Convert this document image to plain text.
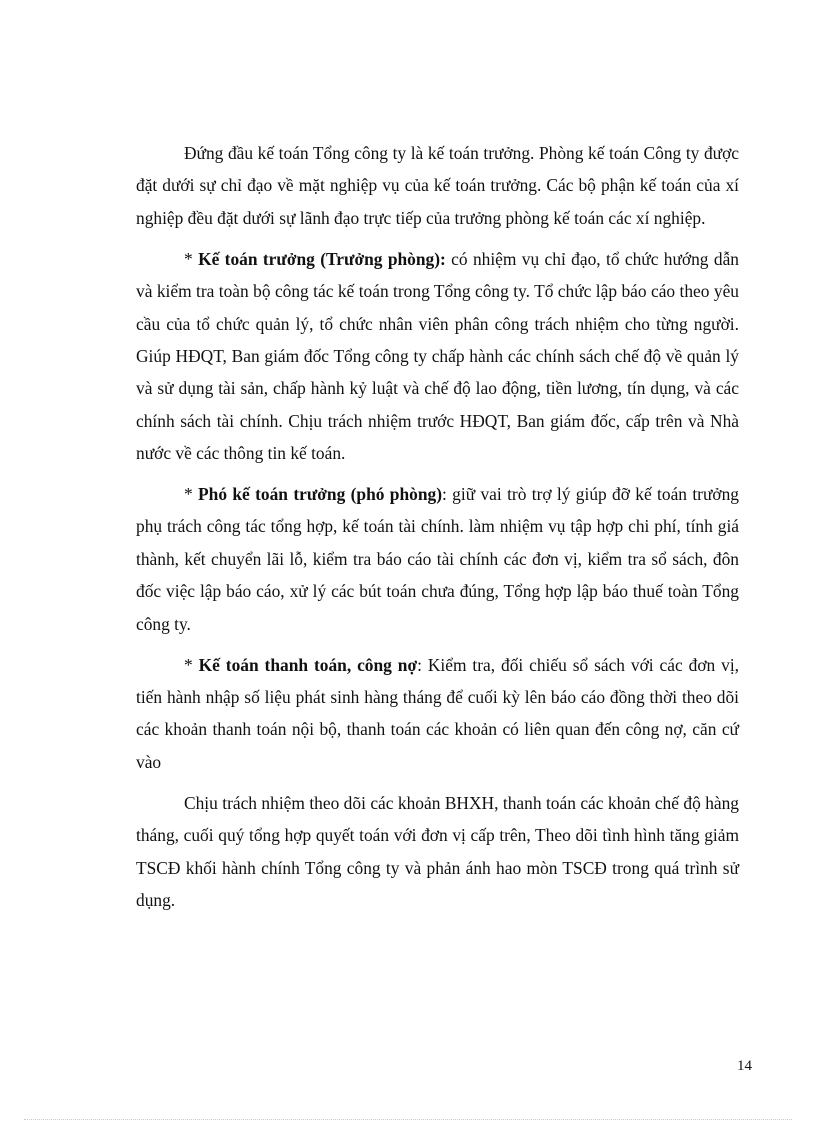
Đứng đầu kế toán Tổng công ty là kế toán trưởng. Phòng kế toán Công ty được đặt dưới sự chỉ đạo về mặt nghiệp vụ của kế toán trưởng. Các bộ phận kế toán của xí nghiệp đều đặt dưới sự lãnh đạo trực tiếp của trưởng phòng kế toán các xí nghiệp.

* Kế toán trưởng (Trưởng phòng): có nhiệm vụ chỉ đạo, tổ chức hướng dẫn và kiểm tra toàn bộ công tác kế toán trong Tổng công ty. Tổ chức lập báo cáo theo yêu cầu của tổ chức quản lý, tổ chức nhân viên phân công trách nhiệm cho từng người. Giúp HĐQT, Ban giám đốc Tổng công ty chấp hành các chính sách chế độ về quản lý và sử dụng tài sản, chấp hành kỷ luật và chế độ lao động, tiền lương, tín dụng, và các chính sách tài chính. Chịu trách nhiệm trước HĐQT, Ban giám đốc, cấp trên và Nhà nước về các thông tin kế toán.

* Phó kế toán trưởng (phó phòng): giữ vai trò trợ lý giúp đỡ kế toán trưởng phụ trách công tác tổng hợp, kế toán tài chính. làm nhiệm vụ tập hợp chi phí, tính giá thành, kết chuyển lãi lỗ, kiểm tra báo cáo tài chính các đơn vị, kiểm tra sổ sách, đôn đốc việc lập báo cáo, xử lý các bút toán chưa đúng, Tổng hợp lập báo thuế toàn Tổng công ty.

* Kế toán thanh toán, công nợ: Kiểm tra, đối chiếu sổ sách với các đơn vị, tiến hành nhập số liệu phát sinh hàng tháng để cuối kỳ lên báo cáo đồng thời theo dõi các khoản thanh toán nội bộ, thanh toán các khoản có liên quan đến công nợ, căn cứ vào

Chịu trách nhiệm theo dõi các khoản BHXH, thanh toán các khoản chế độ hàng tháng, cuối quý tổng hợp quyết toán với đơn vị cấp trên, Theo dõi tình hình tăng giảm TSCĐ khối hành chính Tổng công ty và phản ánh hao mòn TSCĐ trong quá trình sử dụng.

14
